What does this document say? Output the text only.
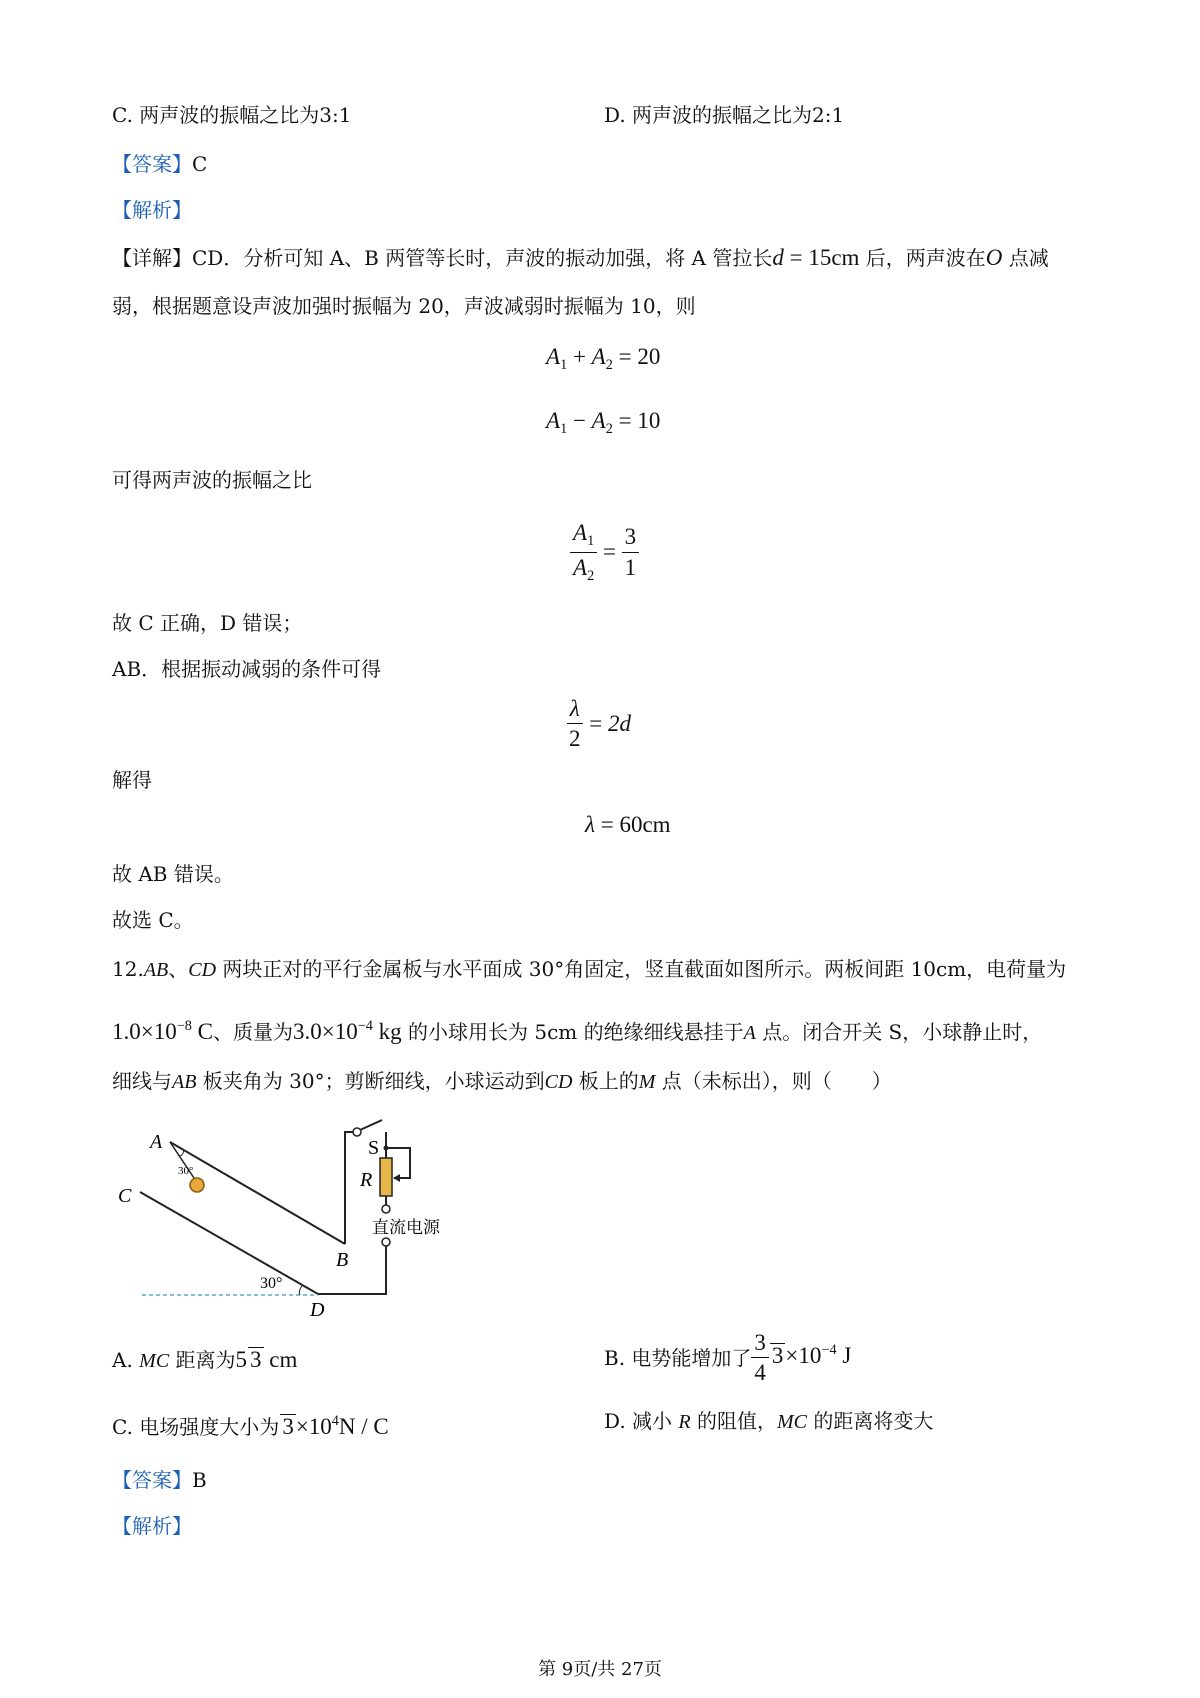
C. 两声波的振幅之比为3:1	D. 两声波的振幅之比为2:1
【答案】C
【解析】
【详解】CD．分析可知 A、B 两管等长时，声波的振动加强，将 A 管拉长d = 15cm 后，两声波在O 点减
弱，根据题意设声波加强时振幅为 20，声波减弱时振幅为 10，则
$A_1 + A_2 = 20$
$A_1 - A_2 = 10$
可得两声波的振幅之比
$\frac{A_1}{A_2} = \frac{3}{1}$
故 C 正确，D 错误；
AB．根据振动减弱的条件可得
$\frac{\lambda}{2} = 2d$
解得
λ = 60cm
故 AB 错误。
故选 C。
12.AB、CD 两块正对的平行金属板与水平面成 30°角固定，竖直截面如图所示。两板间距 10cm，电荷量为
$1.0\times 10^{-8}$ C、质量为$3.0\times 10^{-4}$ kg 的小球用长为 5cm 的绝缘细线悬挂于A 点。闭合开关 S，小球静止时，
细线与AB 板夹角为 30°；剪断细线，小球运动到CD 板上的M 点（未标出），则（　　）
A
B
C
D
S
R
直流电源
30°
30°
A. MC 距离为5 3 cm	B. 电势能增加了 $\frac{3}{4} 3\times 10^{-4}$ J
C. 电场强度大小为 $3\times 10^4N / C$	D. 减小 R 的阻值，MC 的距离将变大
【答案】B
【解析】
第 9页/共 27页
